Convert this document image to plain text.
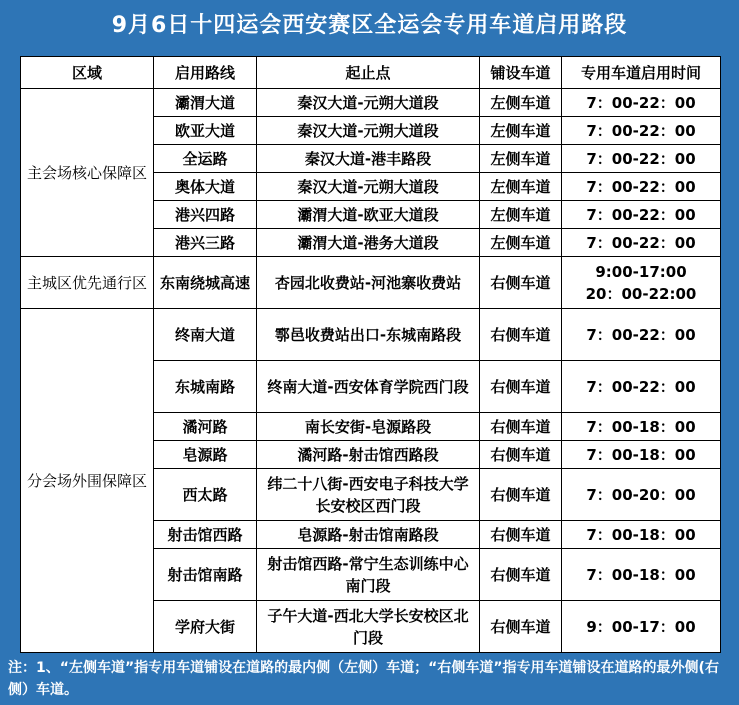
9月6日十四运会西安赛区全运会专用车道启用路段
区域	启用路线	起止点	铺设车道	专用车道启用时间
主会场核心保障区	灞渭大道	秦汉大道-元朔大道段	左侧车道	7：00-22：00

	欧亚大道	秦汉大道-元朔大道段	左侧车道	7：00-22：00

	全运路	秦汉大道-港丰路段	左侧车道	7：00-22：00

	奥体大道	秦汉大道-元朔大道段	左侧车道	7：00-22：00

	港兴四路	灞渭大道-欧亚大道段	左侧车道	7：00-22：00

	港兴三路	灞渭大道-港务大道段	左侧车道	7：00-22：00

主城区优先通行区	东南绕城高速	杏园北收费站-河池寨收费站	右侧车道	9:00-17:00
20：00-22:00

分会场外围保障区	终南大道	鄠邑收费站出口-东城南路段	右侧车道	7：00-22：00

	东城南路	终南大道-西安体育学院西门段	右侧车道	7：00-22：00

	潏河路	南长安街-皂源路段	右侧车道	7：00-18：00

	皂源路	潏河路-射击馆西路段	右侧车道	7：00-18：00

	西太路	纬二十八街-西安电子科技大学长安校区西门段	右侧车道	7：00-20：00

	射击馆西路	皂源路-射击馆南路段	右侧车道	7：00-18：00

	射击馆南路	射击馆西路-常宁生态训练中心南门段	右侧车道	7：00-18：00

	学府大街	子午大道-西北大学长安校区北门段	右侧车道	9：00-17：00
注：1、“左侧车道”指专用车道铺设在道路的最内侧（左侧）车道；“右侧车道”指专用车道铺设在道路的最外侧(右侧）车道。
